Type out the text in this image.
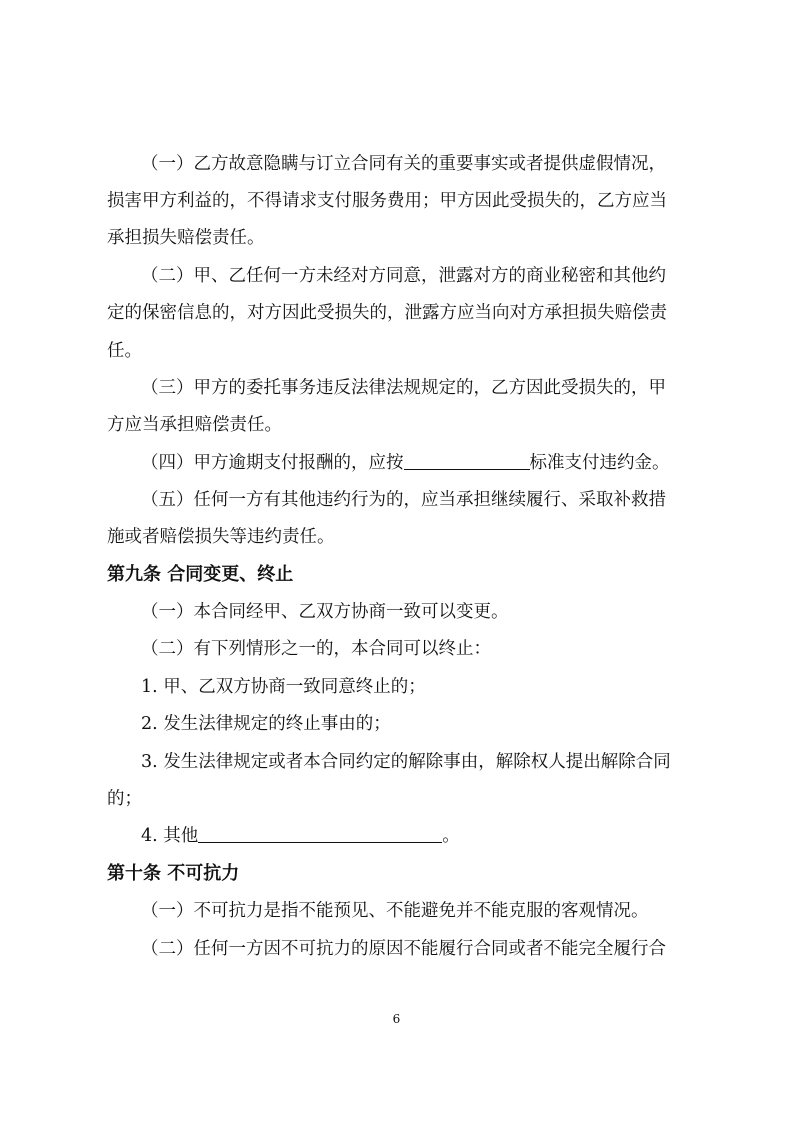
（一）乙方故意隐瞒与订立合同有关的重要事实或者提供虚假情况，
损害甲方利益的，不得请求支付服务费用；甲方因此受损失的，乙方应当
承担损失赔偿责任。
（二）甲、乙任何一方未经对方同意，泄露对方的商业秘密和其他约
定的保密信息的，对方因此受损失的，泄露方应当向对方承担损失赔偿责
任。
（三）甲方的委托事务违反法律法规规定的，乙方因此受损失的，甲
方应当承担赔偿责任。
（四）甲方逾期支付报酬的，应按	标准支付违约金。
（五）任何一方有其他违约行为的，应当承担继续履行、采取补救措
施或者赔偿损失等违约责任。
第九条 合同变更、终止
（一）本合同经甲、乙双方协商一致可以变更。
（二）有下列情形之一的，本合同可以终止：
1. 甲、乙双方协商一致同意终止的；
2. 发生法律规定的终止事由的；
3. 发生法律规定或者本合同约定的解除事由，解除权人提出解除合同
的；
4. 其他	。
第十条 不可抗力
（一）不可抗力是指不能预见、不能避免并不能克服的客观情况。
（二）任何一方因不可抗力的原因不能履行合同或者不能完全履行合
6
